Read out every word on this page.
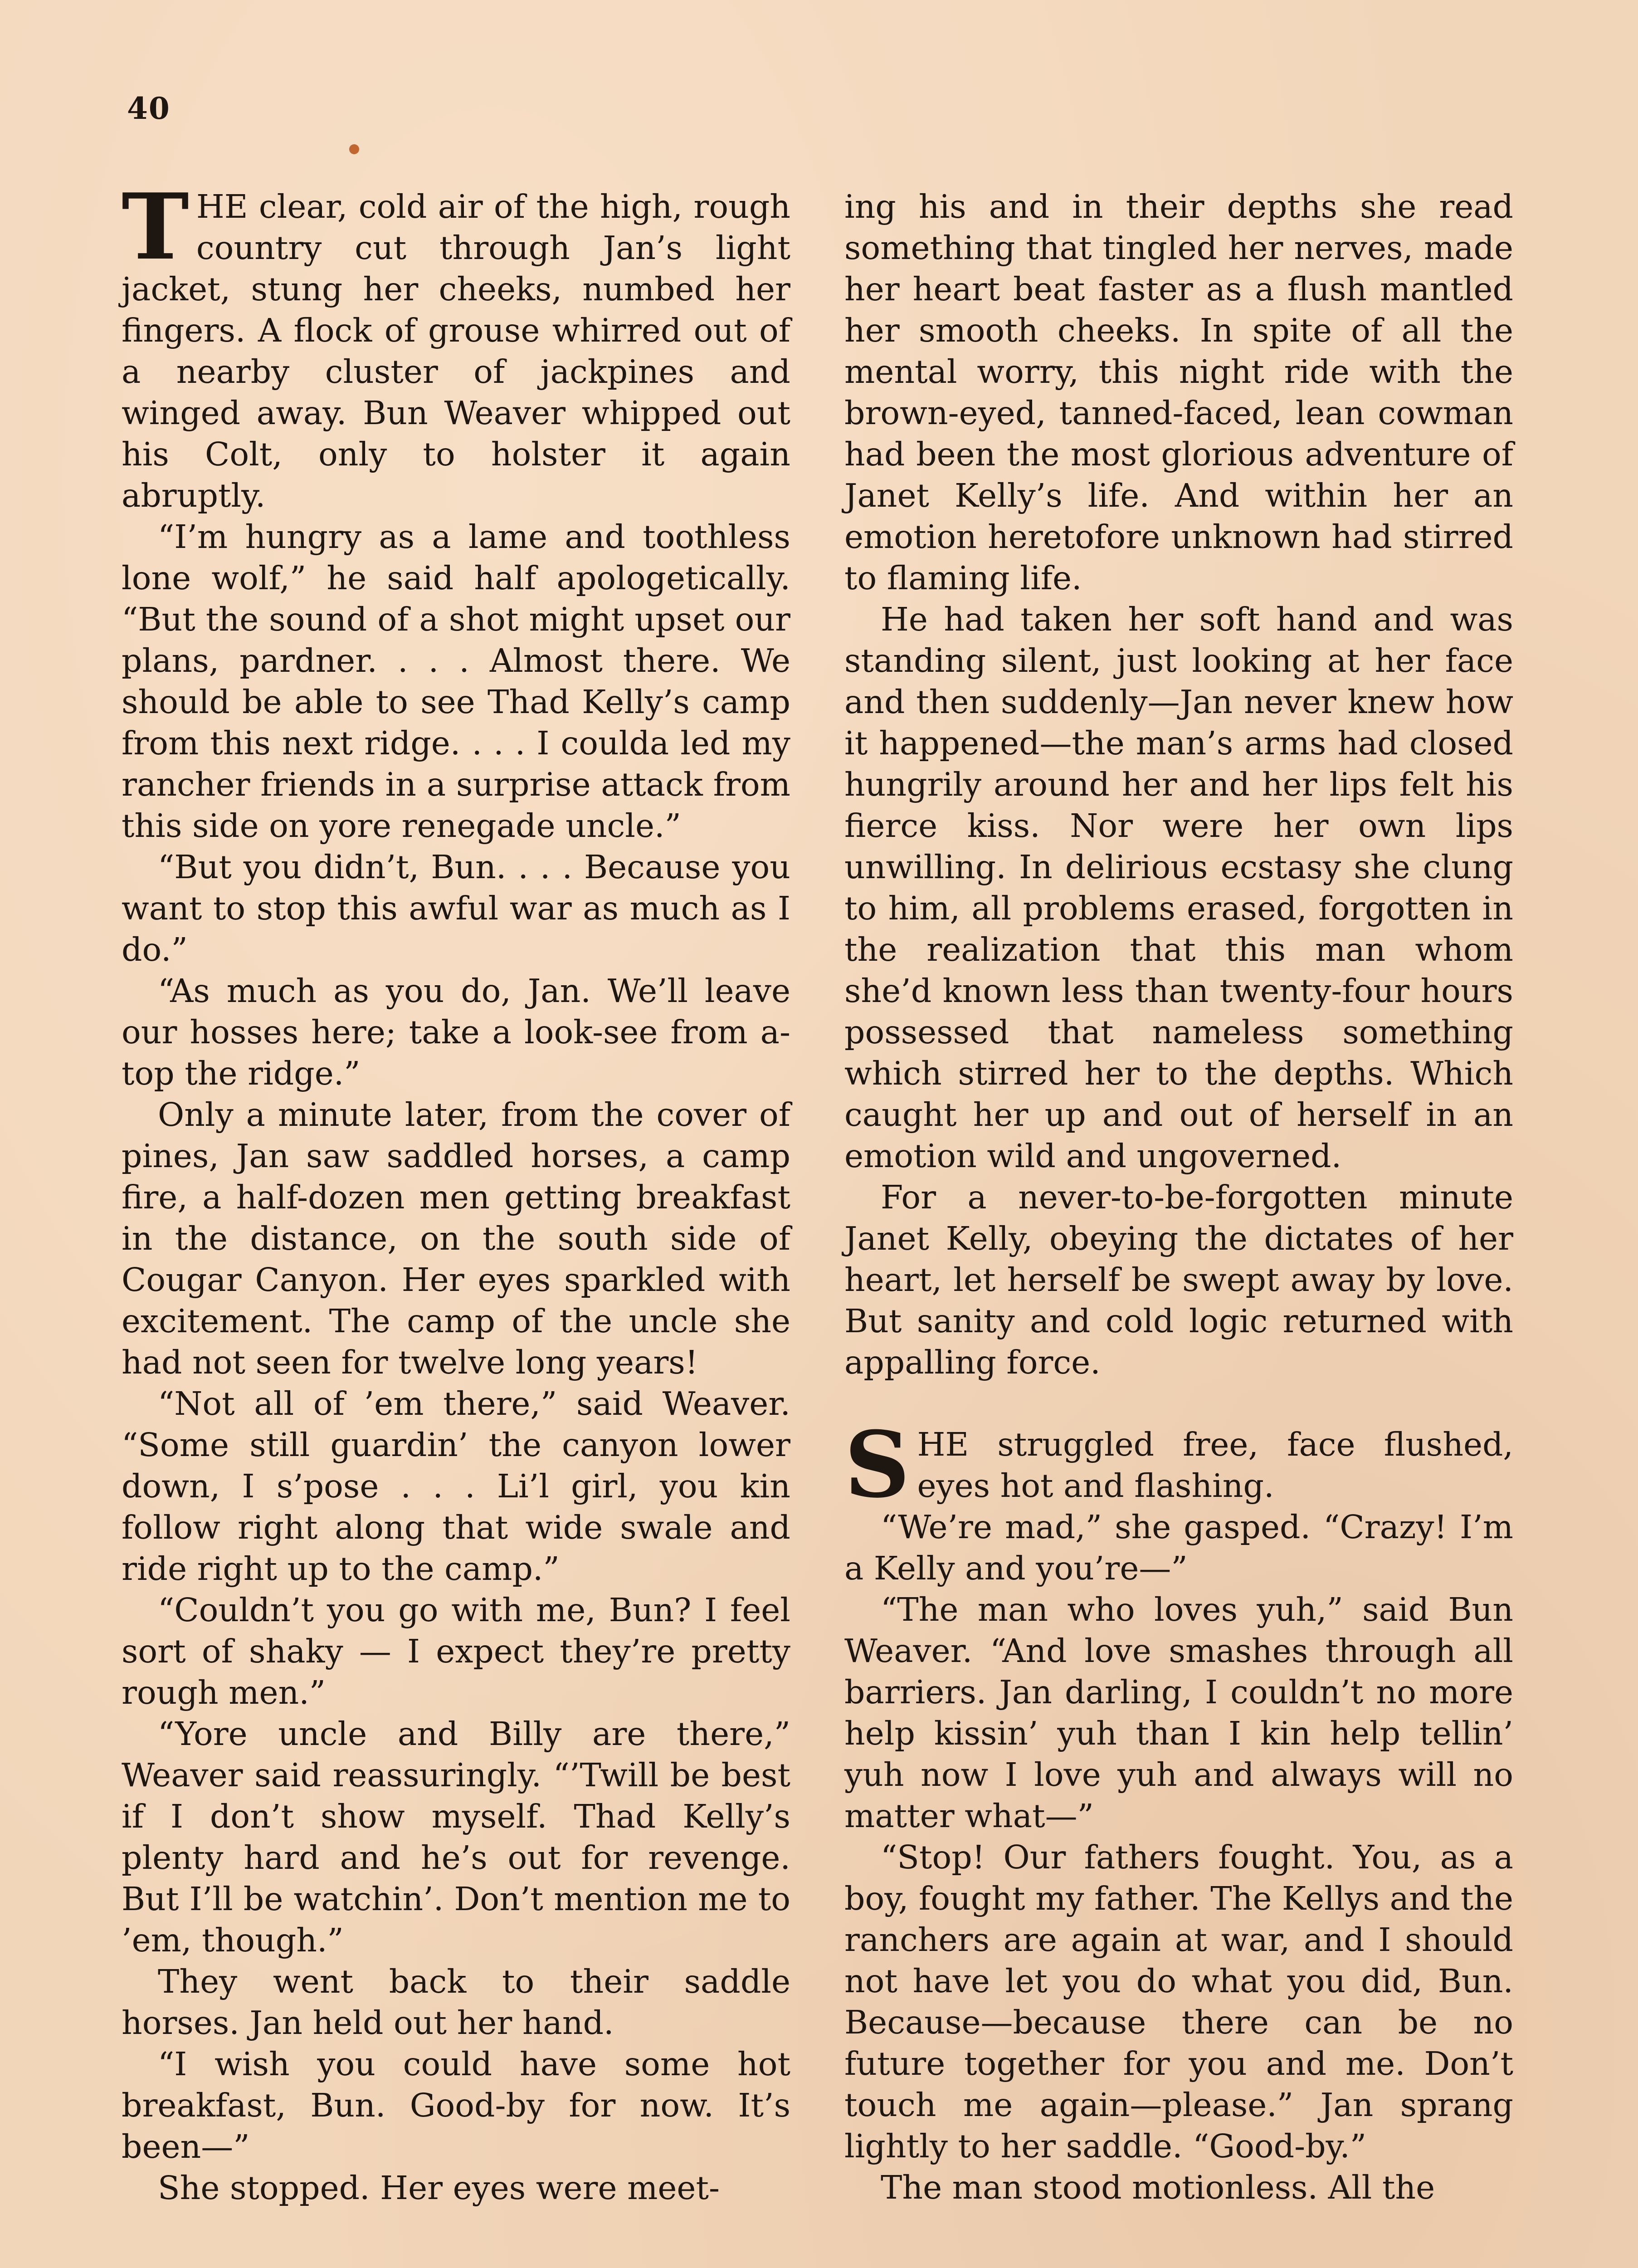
40

THE clear, cold air of the high, rough country cut through Jan’s light jacket, stung her cheeks, numbed her fingers. A flock of grouse whirred out of a nearby cluster of jackpines and winged away. Bun Weaver whipped out his Colt, only to holster it again abruptly.

“I’m hungry as a lame and toothless lone wolf,” he said half apologetically. “But the sound of a shot might upset our plans, pardner. . . . Almost there. We should be able to see Thad Kelly’s camp from this next ridge. . . . I coulda led my rancher friends in a surprise attack from this side on yore renegade uncle.”

“But you didn’t, Bun. . . . Because you want to stop this awful war as much as I do.”

“As much as you do, Jan. We’ll leave our hosses here; take a look-see from a-top the ridge.”

Only a minute later, from the cover of pines, Jan saw saddled horses, a camp fire, a half-dozen men getting breakfast in the distance, on the south side of Cougar Canyon. Her eyes sparkled with excitement. The camp of the uncle she had not seen for twelve long years!

“Not all of ’em there,” said Weaver. “Some still guardin’ the canyon lower down, I s’pose . . . Li’l girl, you kin follow right along that wide swale and ride right up to the camp.”

“Couldn’t you go with me, Bun? I feel sort of shaky — I expect they’re pretty rough men.”

“Yore uncle and Billy are there,” Weaver said reassuringly. “’Twill be best if I don’t show myself. Thad Kelly’s plenty hard and he’s out for revenge. But I’ll be watchin’. Don’t mention me to ’em, though.”

They went back to their saddle horses. Jan held out her hand.

“I wish you could have some hot breakfast, Bun. Good-by for now. It’s been—”

She stopped. Her eyes were meet-

ing his and in their depths she read something that tingled her nerves, made her heart beat faster as a flush mantled her smooth cheeks. In spite of all the mental worry, this night ride with the brown-eyed, tanned-faced, lean cowman had been the most glorious adventure of Janet Kelly’s life. And within her an emotion heretofore unknown had stirred to flaming life.

He had taken her soft hand and was standing silent, just looking at her face and then suddenly—Jan never knew how it happened—the man’s arms had closed hungrily around her and her lips felt his fierce kiss. Nor were her own lips unwilling. In delirious ecstasy she clung to him, all problems erased, forgotten in the realization that this man whom she’d known less than twenty-four hours possessed that nameless something which stirred her to the depths. Which caught her up and out of herself in an emotion wild and ungoverned.

For a never-to-be-forgotten minute Janet Kelly, obeying the dictates of her heart, let herself be swept away by love. But sanity and cold logic returned with appalling force.

SHE struggled free, face flushed, eyes hot and flashing.

“We’re mad,” she gasped. “Crazy! I’m a Kelly and you’re—”

“The man who loves yuh,” said Bun Weaver. “And love smashes through all barriers. Jan darling, I couldn’t no more help kissin’ yuh than I kin help tellin’ yuh now I love yuh and always will no matter what—”

“Stop! Our fathers fought. You, as a boy, fought my father. The Kellys and the ranchers are again at war, and I should not have let you do what you did, Bun. Because—because there can be no future together for you and me. Don’t touch me again—please.” Jan sprang lightly to her saddle. “Good-by.”

The man stood motionless. All the
